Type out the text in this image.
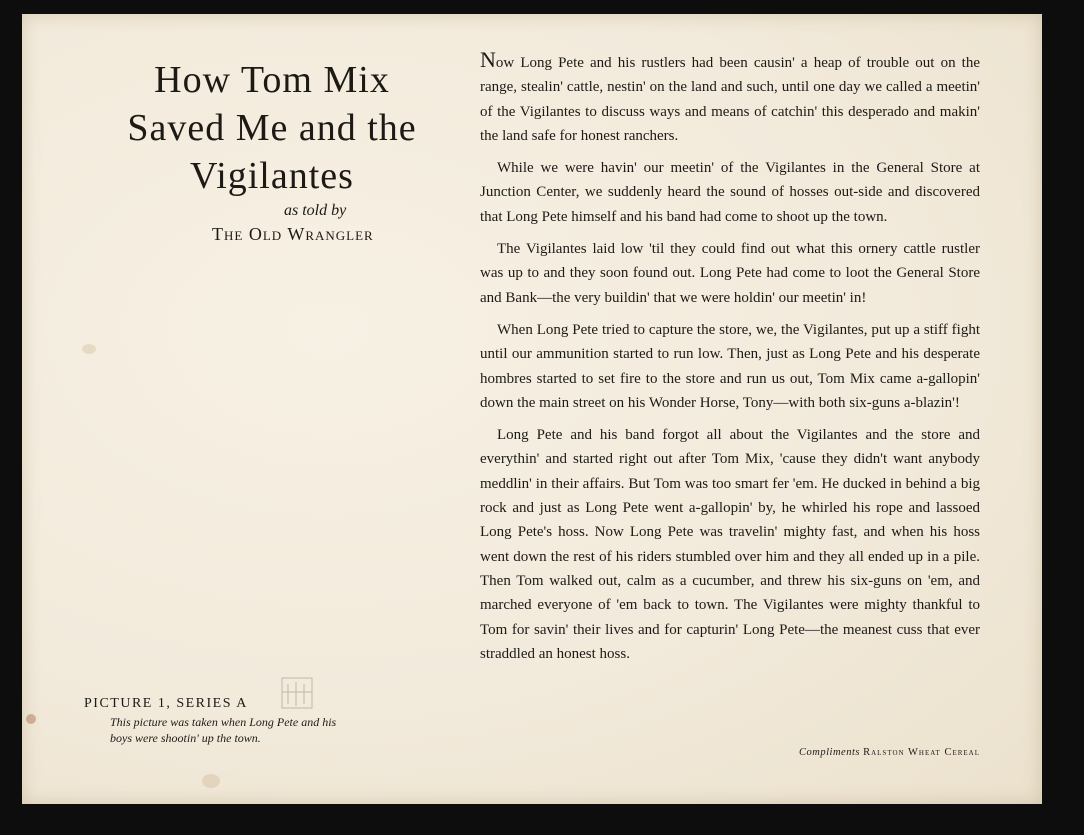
How Tom Mix Saved Me and the Vigilantes
as told by
The Old Wrangler
PICTURE 1, SERIES A
This picture was taken when Long Pete and his boys were shootin' up the town.

Now Long Pete and his rustlers had been causin' a heap of trouble out on the range, stealin' cattle, nestin' on the land and such, until one day we called a meetin' of the Vigilantes to discuss ways and means of catchin' this desperado and makin' the land safe for honest ranchers.

While we were havin' our meetin' of the Vigilantes in the General Store at Junction Center, we suddenly heard the sound of hosses out-side and discovered that Long Pete himself and his band had come to shoot up the town.

The Vigilantes laid low 'til they could find out what this ornery cattle rustler was up to and they soon found out. Long Pete had come to loot the General Store and Bank—the very buildin' that we were holdin' our meetin' in!

When Long Pete tried to capture the store, we, the Vigilantes, put up a stiff fight until our ammunition started to run low. Then, just as Long Pete and his desperate hombres started to set fire to the store and run us out, Tom Mix came a-gallopin' down the main street on his Wonder Horse, Tony—with both six-guns a-blazin'!

Long Pete and his band forgot all about the Vigilantes and the store and everythin' and started right out after Tom Mix, 'cause they didn't want anybody meddlin' in their affairs. But Tom was too smart fer 'em. He ducked in behind a big rock and just as Long Pete went a-gallopin' by, he whirled his rope and lassoed Long Pete's hoss. Now Long Pete was travelin' mighty fast, and when his hoss went down the rest of his riders stumbled over him and they all ended up in a pile. Then Tom walked out, calm as a cucumber, and threw his six-guns on 'em, and marched everyone of 'em back to town. The Vigilantes were mighty thankful to Tom for savin' their lives and for capturin' Long Pete—the meanest cuss that ever straddled an honest hoss.

Compliments Ralston Wheat Cereal
